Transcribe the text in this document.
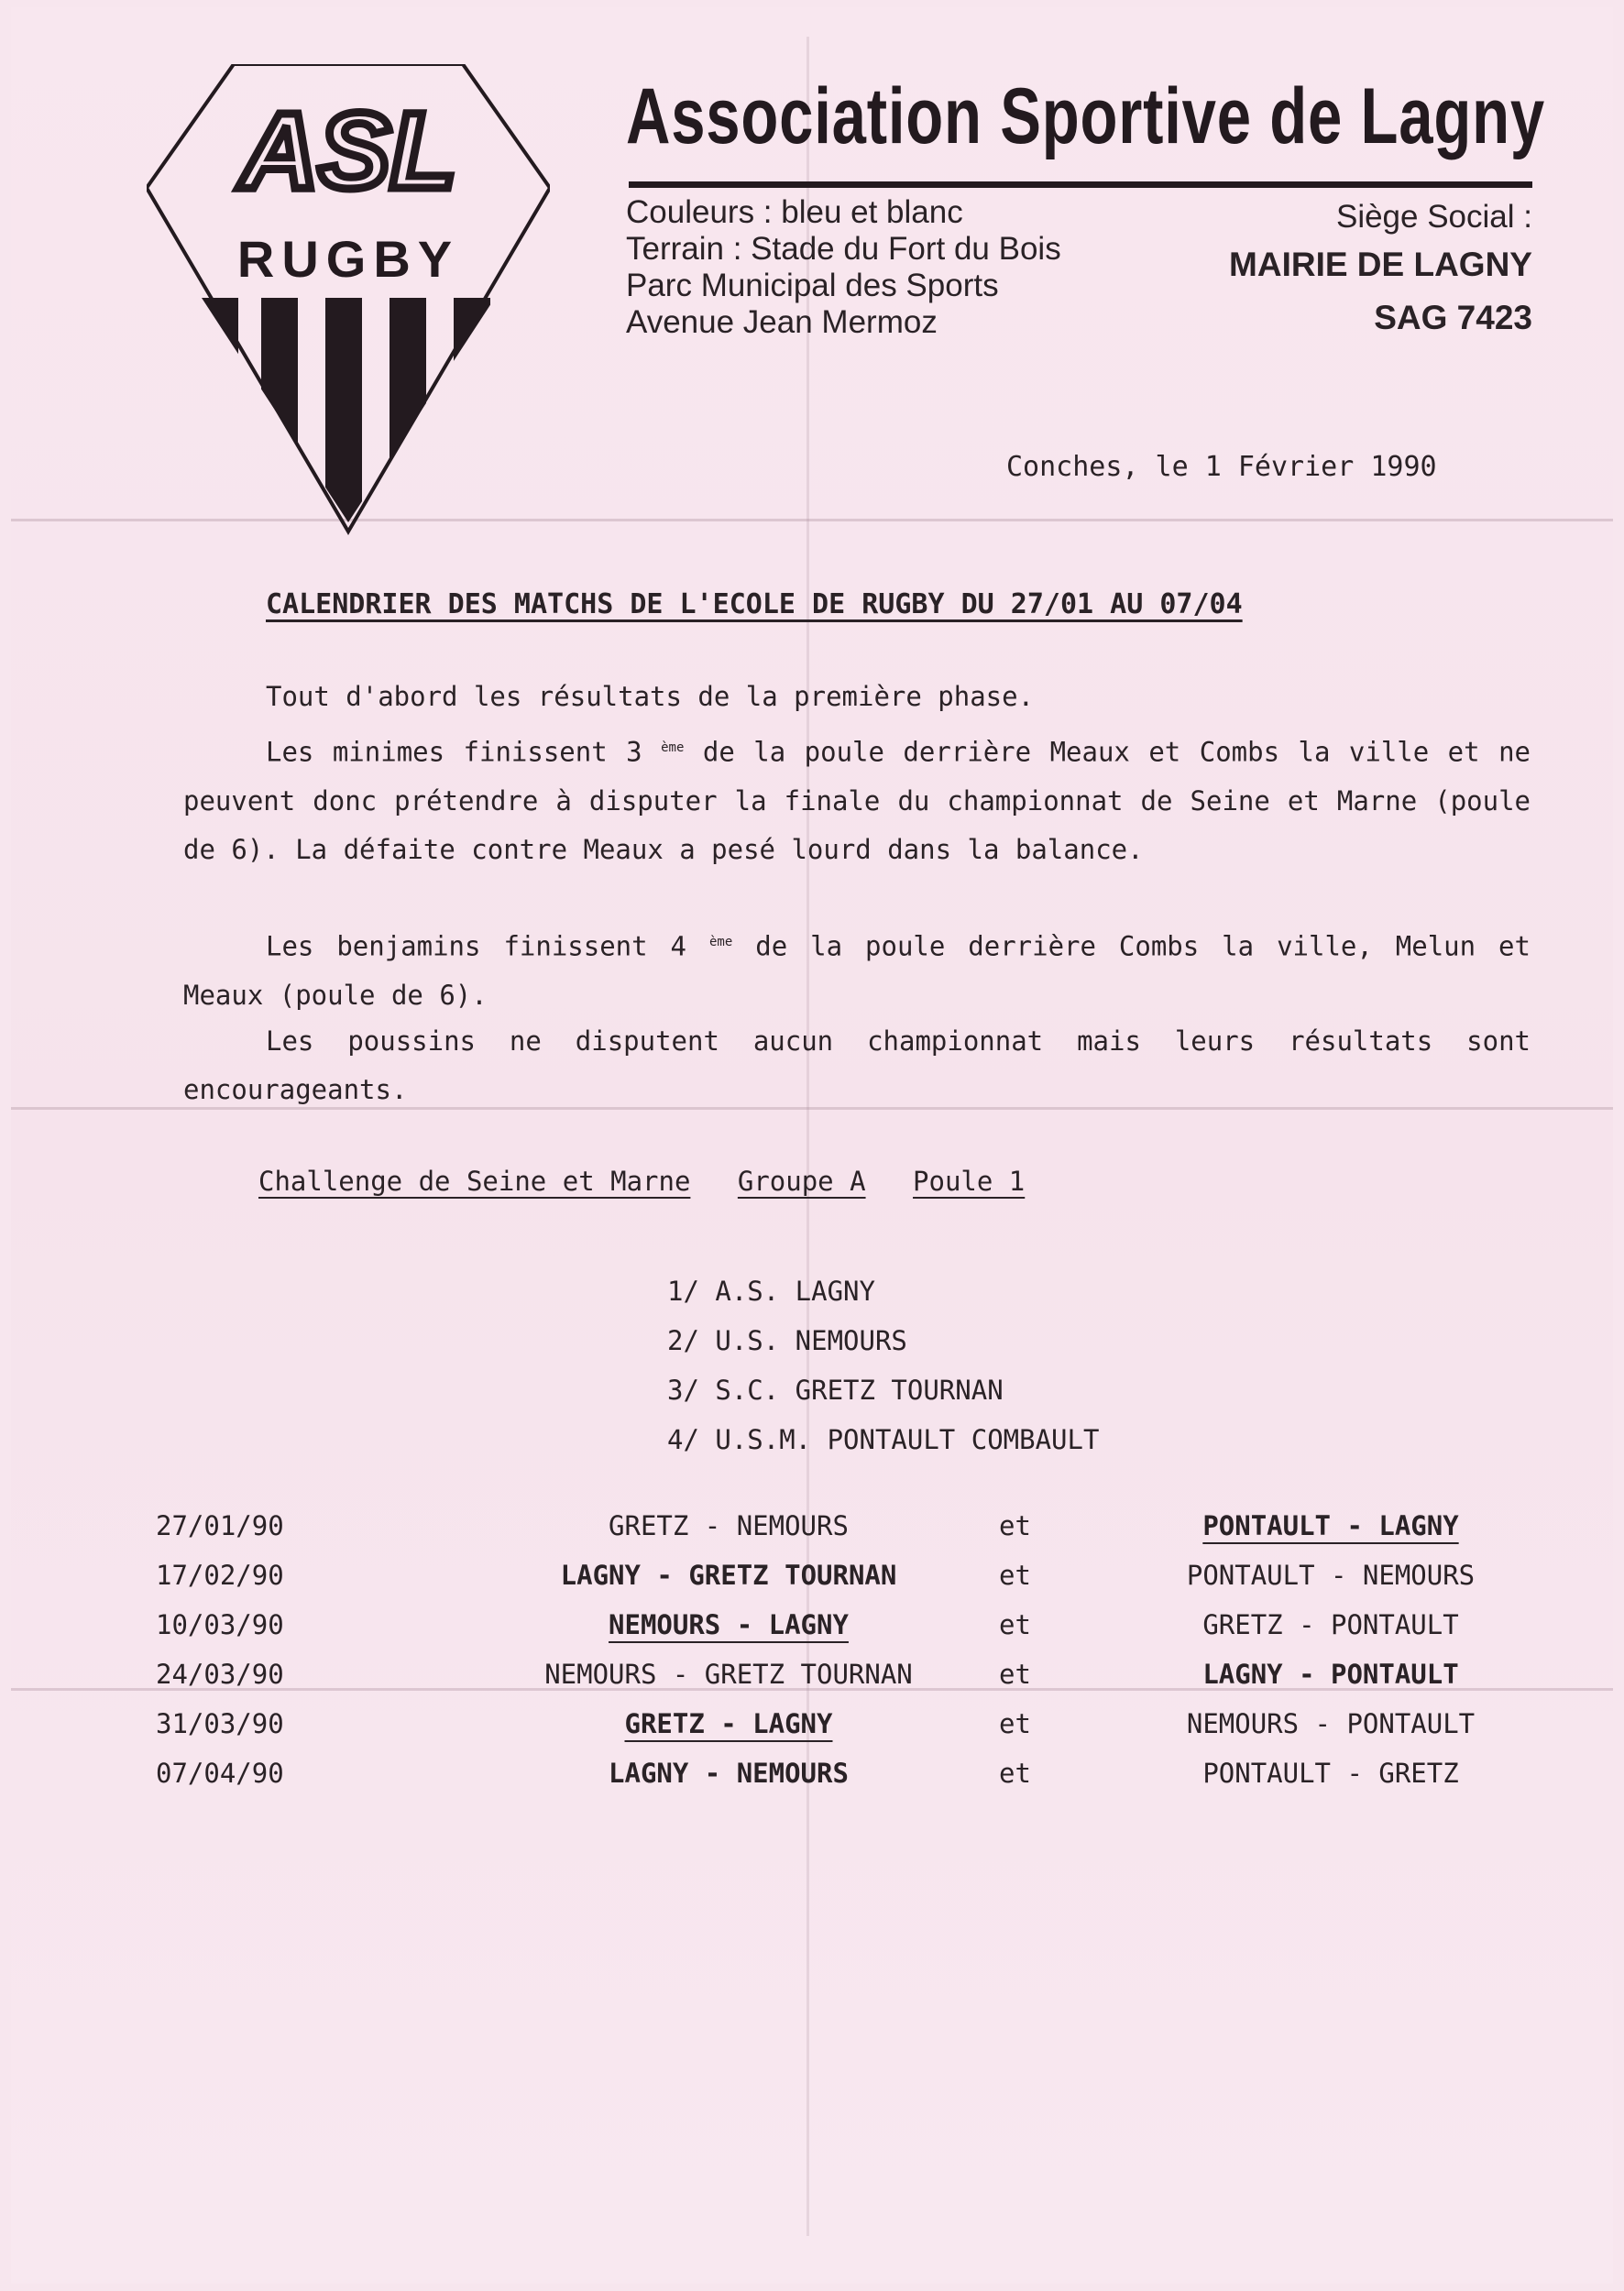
ASL
RUGBY
Association Sportive de Lagny
Couleurs : bleu et blanc
Terrain : Stade du Fort du Bois
Parc Municipal des Sports
Avenue Jean Mermoz
Siège Social :
MAIRIE DE LAGNY
SAG 7423
Conches, le 1 Février 1990
CALENDRIER DES MATCHS DE L'ECOLE DE RUGBY DU 27/01 AU 07/04
Tout d'abord les résultats de la première phase.
Les minimes finissent 3 $^{ème}$ de la poule derrière Meaux et Combs la ville et ne peuvent donc prétendre à disputer la finale du championnat de Seine et Marne (poule de 6). La défaite contre Meaux a pesé lourd dans la balance.
Les benjamins finissent 4 $^{ème}$ de la poule derrière Combs la ville, Melun et Meaux (poule de 6).
Les poussins ne disputent aucun championnat mais leurs résultats sont encourageants.
Challenge de Seine et Marne Groupe A Poule 1
1/ A.S. LAGNY
2/ U.S. NEMOURS
3/ S.C. GRETZ TOURNAN
4/ U.S.M. PONTAULT COMBAULT
27/01/90	GRETZ - NEMOURS	et	PONTAULT - LAGNY
17/02/90	LAGNY - GRETZ TOURNAN	et	PONTAULT - NEMOURS
10/03/90	NEMOURS - LAGNY	et	GRETZ - PONTAULT
24/03/90	NEMOURS - GRETZ TOURNAN	et	LAGNY - PONTAULT
31/03/90	GRETZ - LAGNY	et	NEMOURS - PONTAULT
07/04/90	LAGNY - NEMOURS	et	PONTAULT - GRETZ
